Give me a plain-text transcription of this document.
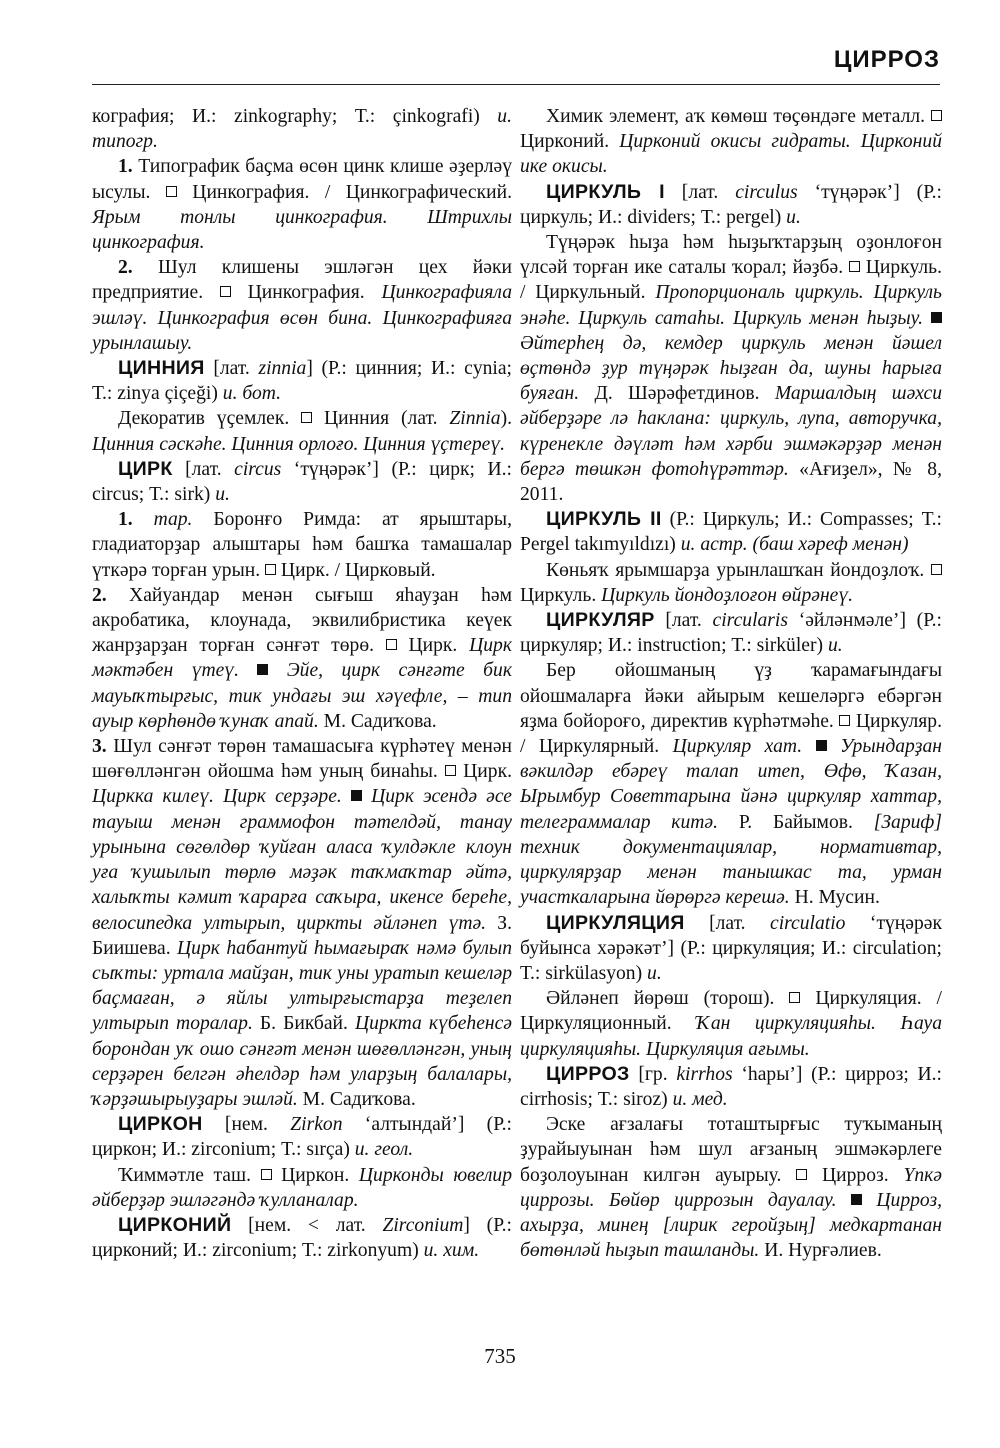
ЦИРРОЗ

кография; И.: zinkography; Т.: çinkografi) и. типогр.

1. Типографик баҫма өсөн цинк клише әҙерләү ысулы.  Цинкография. / Цинкографический. Ярым тонлы цинкография. Штрихлы цинкография.

2. Шул клишены эшләгән цех йәки предприятие.  Цинкография. Цинкографияла эшләү. Цинкография өсөн бина. Цинкографияға урынлашыу.

ЦИННИЯ [лат. zinnia] (Р.: цинния; И.: cynia; Т.: zinya çiçeği) и. бот.

Декоратив үҫемлек.  Цинния (лат. Zinnia). Цинния сәскәһе. Цинния орлоғо. Цинния үҫтереү.

ЦИРК [лат. circus ‘түңәрәк’] (Р.: цирк; И.: circus; Т.: sirk) и.

1. тар. Боронғо Римда: ат ярыштары, гладиаторҙар алыштары һәм башҡа тамашалар үткәрә торған урын.  Цирк. / Цирковый.

2. Хайуандар менән сығыш яһауҙан һәм акробатика, клоунада, эквилибристика кеүек жанрҙарҙан торған сәнғәт төрө.  Цирк. Цирк мәктәбен үтеү. Эйе, цирк сәнғәте бик мауыҡтырғыс, тик ундағы эш хәүефле, – тип ауыр көрһөндө ҡунаҡ апай. М. Садиҡова.

3. Шул сәнғәт төрөн тамашасыға күрһәтеү менән шөғөлләнгән ойошма һәм уның бинаһы.  Цирк. Циркка килеү. Цирк серҙәре. Цирк эсендә әсе тауыш менән граммофон тәтелдәй, танау урынына сөгөлдөр ҡуйған аласа ҡулдәкле клоун уға ҡушылып төрлө мәҙәк таҡмаҡтар әйтә, халыҡты кәмит ҡарарға саҡыра, икенсе береһе, велосипедка ултырып, циркты әйләнеп үтә. З. Биишева. Цирк һабантуй һымағыраҡ нәмә булып сыҡты: уртала майҙан, тик уны уратып кешеләр баҫмаған, ә яйлы ултырғыстарҙа теҙелеп ултырып торалар. Б. Бикбай. Циркта күбеһенсә борондан уҡ ошо сәнғәт менән шөғөлләнгән, уның серҙәрен белгән әһелдәр һәм уларҙың балалары, ҡәрҙәшырыуҙары эшләй. М. Садиҡова.

ЦИРКОН [нем. Zirkon ‘алтындай’] (Р.: циркон; И.: zirconium; Т.: sırça) и. геол.

Ҡиммәтле таш.  Циркон. Цирконды ювелир әйберҙәр эшләгәндә ҡулланалар.

ЦИРКОНИЙ [нем. < лат. Zirconium] (Р.: цирконий; И.: zirconium; Т.: zirkonyum) и. хим.

Химик элемент, аҡ көмөш төҫөндәге металл.  Цирконий. Цирконий окисы гидраты. Цирконий ике окисы.

ЦИРКУЛЬ I [лат. circulus ‘түңәрәк’] (Р.: циркуль; И.: dividers; Т.: pergel) и.

Түңәрәк һыҙа һәм һыҙыҡтарҙың оҙонлоғон үлсәй торған ике саталы ҡорал; йәҙбә.  Циркуль. / Циркульный. Пропорциональ циркуль. Циркуль энәһе. Циркуль сатаһы. Циркуль менән һыҙыу.  Әйтерһең дә, кемдер циркуль менән йәшел өҫтөндә ҙур түңәрәк һыҙған да, шуны һарыға буяған. Д. Шәрәфетдинов. Маршалдың шәхси әйберҙәре лә һаклана: циркуль, лупа, авторучка, күренекле дәүләт һәм хәрби эшмәкәрҙәр менән бергә төшкән фотоһүрәттәр. «Ағиҙел», № 8, 2011.

ЦИРКУЛЬ II (Р.: Циркуль; И.: Compasses; Т.: Pergel takımyıldızı) и. астр. (баш хәреф менән)

Көньяҡ ярымшарҙа урынлашҡан йондоҙлоҡ.  Циркуль. Циркуль йондоҙлоғон өйрәнеү.

ЦИРКУЛЯР [лат. circularis ‘әйләнмәле’] (Р.: циркуляр; И.: instruction; Т.: sirküler) и.

Бер ойошманың үҙ ҡарамағындағы ойошмаларға йәки айырым кешеләргә ебәргән яҙма бойороғо, директив күрһәтмәһе.  Циркуляр. / Циркулярный. Циркуляр хат. Урындарҙан вәкилдәр ебәреү талап итеп, Өфө, Ҡазан, Ырымбур Советтарына йәнә циркуляр хаттар, телеграммалар китә. Р. Байымов. [Зариф] техник документациялар, нормативтар, циркулярҙар менән танышкас та, урман участкаларына йөрөргә керешә. Н. Мусин.

ЦИРКУЛЯЦИЯ [лат. circulatio ‘түңәрәк буйынса хәрәкәт’] (Р.: циркуляция; И.: circulation; Т.: sirkülasyon) и.

Әйләнеп йөрөш (торош).  Циркуляция. / Циркуляционный. Ҡан циркуляцияһы. Һауа циркуляцияһы. Циркуляция ағымы.

ЦИРРОЗ [гр. kirrhos ‘һары’] (Р.: цирроз; И.: cirrhosis; Т.: siroz) и. мед.

Эске ағзалағы тоташтырғыс туҡыманың ҙурайыуынан һәм шул ағзаның эшмәкәрлеге боҙолоуынан килгән ауырыу.  Цирроз. Үпкә циррозы. Бөйөр циррозын дауалау. Цирроз, ахырҙа, минең [лирик геройҙың] медкартанан бөтөнләй һыҙып ташланды. И. Нурғәлиев.

735
